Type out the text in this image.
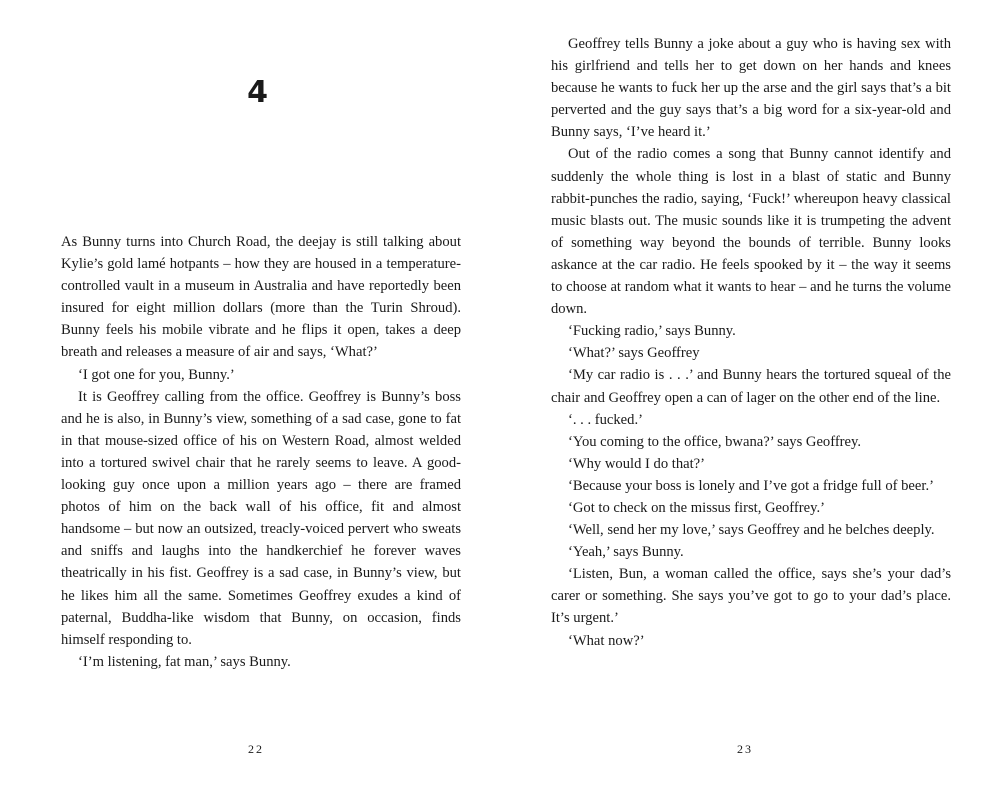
4

As Bunny turns into Church Road, the deejay is still talking about Kylie’s gold lamé hotpants – how they are housed in a temperature-controlled vault in a museum in Australia and have reportedly been insured for eight million dollars (more than the Turin Shroud). Bunny feels his mobile vibrate and he flips it open, takes a deep breath and releases a measure of air and says, ‘What?’

‘I got one for you, Bunny.’

It is Geoffrey calling from the office. Geoffrey is Bunny’s boss and he is also, in Bunny’s view, something of a sad case, gone to fat in that mouse-sized office of his on Western Road, almost welded into a tortured swivel chair that he rarely seems to leave. A good-looking guy once upon a million years ago – there are framed photos of him on the back wall of his office, fit and almost handsome – but now an outsized, treacly-voiced pervert who sweats and sniffs and laughs into the handkerchief he forever waves theatrically in his fist. Geoffrey is a sad case, in Bunny’s view, but he likes him all the same. Sometimes Geoffrey exudes a kind of paternal, Buddha-like wisdom that Bunny, on occasion, finds himself responding to.

‘I’m listening, fat man,’ says Bunny.

22

Geoffrey tells Bunny a joke about a guy who is having sex with his girlfriend and tells her to get down on her hands and knees because he wants to fuck her up the arse and the girl says that’s a bit perverted and the guy says that’s a big word for a six-year-old and Bunny says, ‘I’ve heard it.’

Out of the radio comes a song that Bunny cannot identify and suddenly the whole thing is lost in a blast of static and Bunny rabbit-punches the radio, saying, ‘Fuck!’ whereupon heavy classical music blasts out. The music sounds like it is trumpeting the advent of something way beyond the bounds of terrible. Bunny looks askance at the car radio. He feels spooked by it – the way it seems to choose at random what it wants to hear – and he turns the volume down.

‘Fucking radio,’ says Bunny.

‘What?’ says Geoffrey

‘My car radio is . . .’ and Bunny hears the tortured squeal of the chair and Geoffrey open a can of lager on the other end of the line.

‘. . . fucked.’

‘You coming to the office, bwana?’ says Geoffrey.

‘Why would I do that?’

‘Because your boss is lonely and I’ve got a fridge full of beer.’

‘Got to check on the missus first, Geoffrey.’

‘Well, send her my love,’ says Geoffrey and he belches deeply.

‘Yeah,’ says Bunny.

‘Listen, Bun, a woman called the office, says she’s your dad’s carer or something. She says you’ve got to go to your dad’s place. It’s urgent.’

‘What now?’

23
